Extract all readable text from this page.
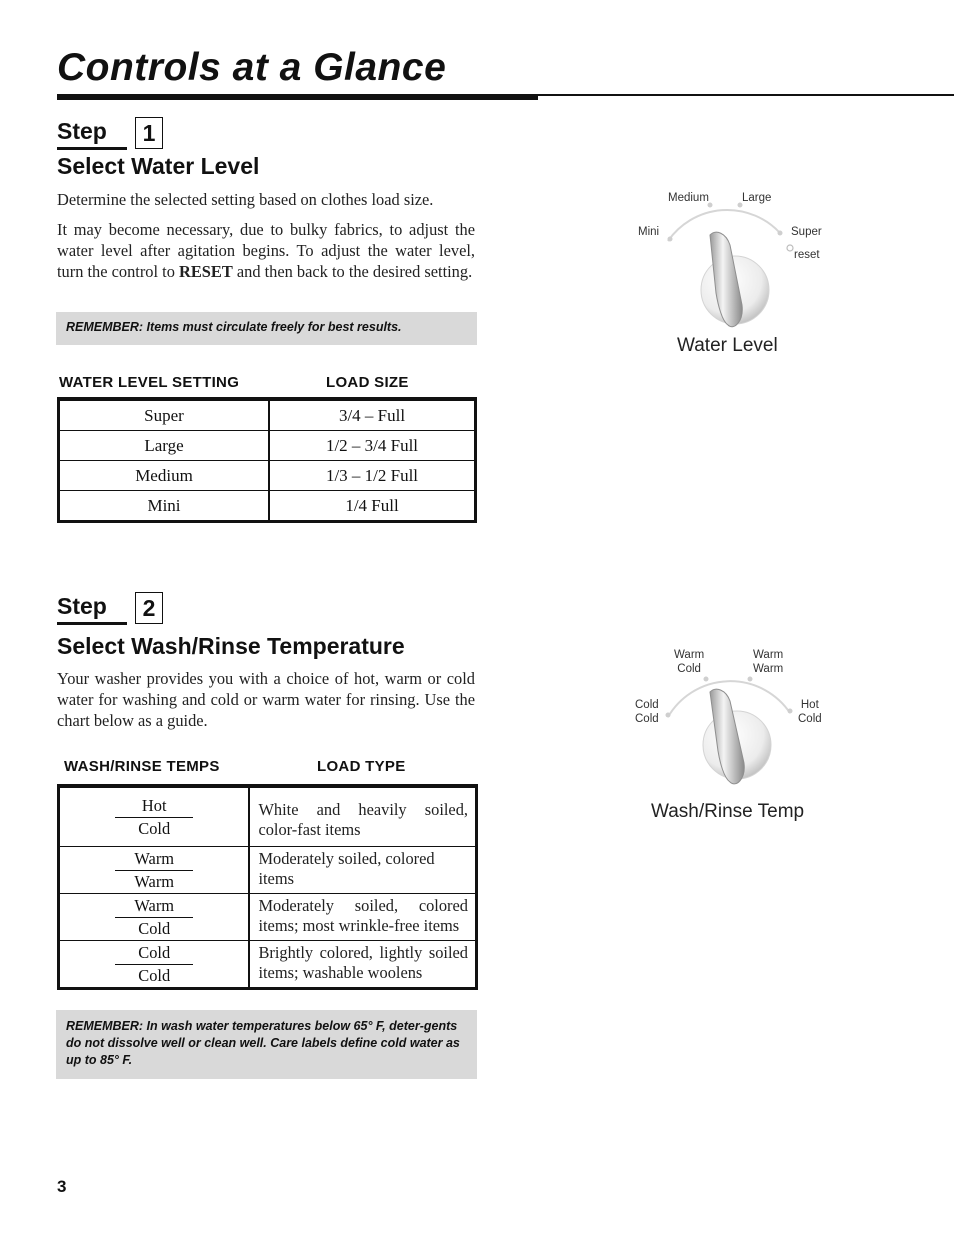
Controls at a Glance
Step	1
Select Water Level

Determine the selected setting based on clothes load size.

It may become necessary, due to bulky fabrics, to adjust the water level after agitation begins. To adjust the water level, turn the control to RESET and then back to the desired setting.

REMEMBER: Items must circulate freely for best results.
WATER LEVEL SETTING	LOAD SIZE
Super	3/4 – Full
Large	1/2 – 3/4 Full
Medium	1/3 – 1/2 Full
Mini	1/4 Full
Mini
Medium	Large
Super
reset
Water Level
Step	2
Select Wash/Rinse Temperature

Your washer provides you with a choice of hot, warm or cold water for washing and cold or warm water for rinsing. Use the chart below as a guide.

WASH/RINSE TEMPS	LOAD TYPE
Hot
Cold	White and heavily soiled, color-fast items

Warm
Warm	Moderately soiled, colored items

Warm
Cold	Moderately soiled, colored items; most wrinkle-free items

Cold
Cold	Brightly colored, lightly soiled items; washable woolens
REMEMBER: In wash water temperatures below 65° F, deter-gents do not dissolve well or clean well. Care labels define cold water as up to 85° F.
Cold
Cold
Warm
Cold
Warm
Warm
Hot
Cold
Wash/Rinse Temp
3
